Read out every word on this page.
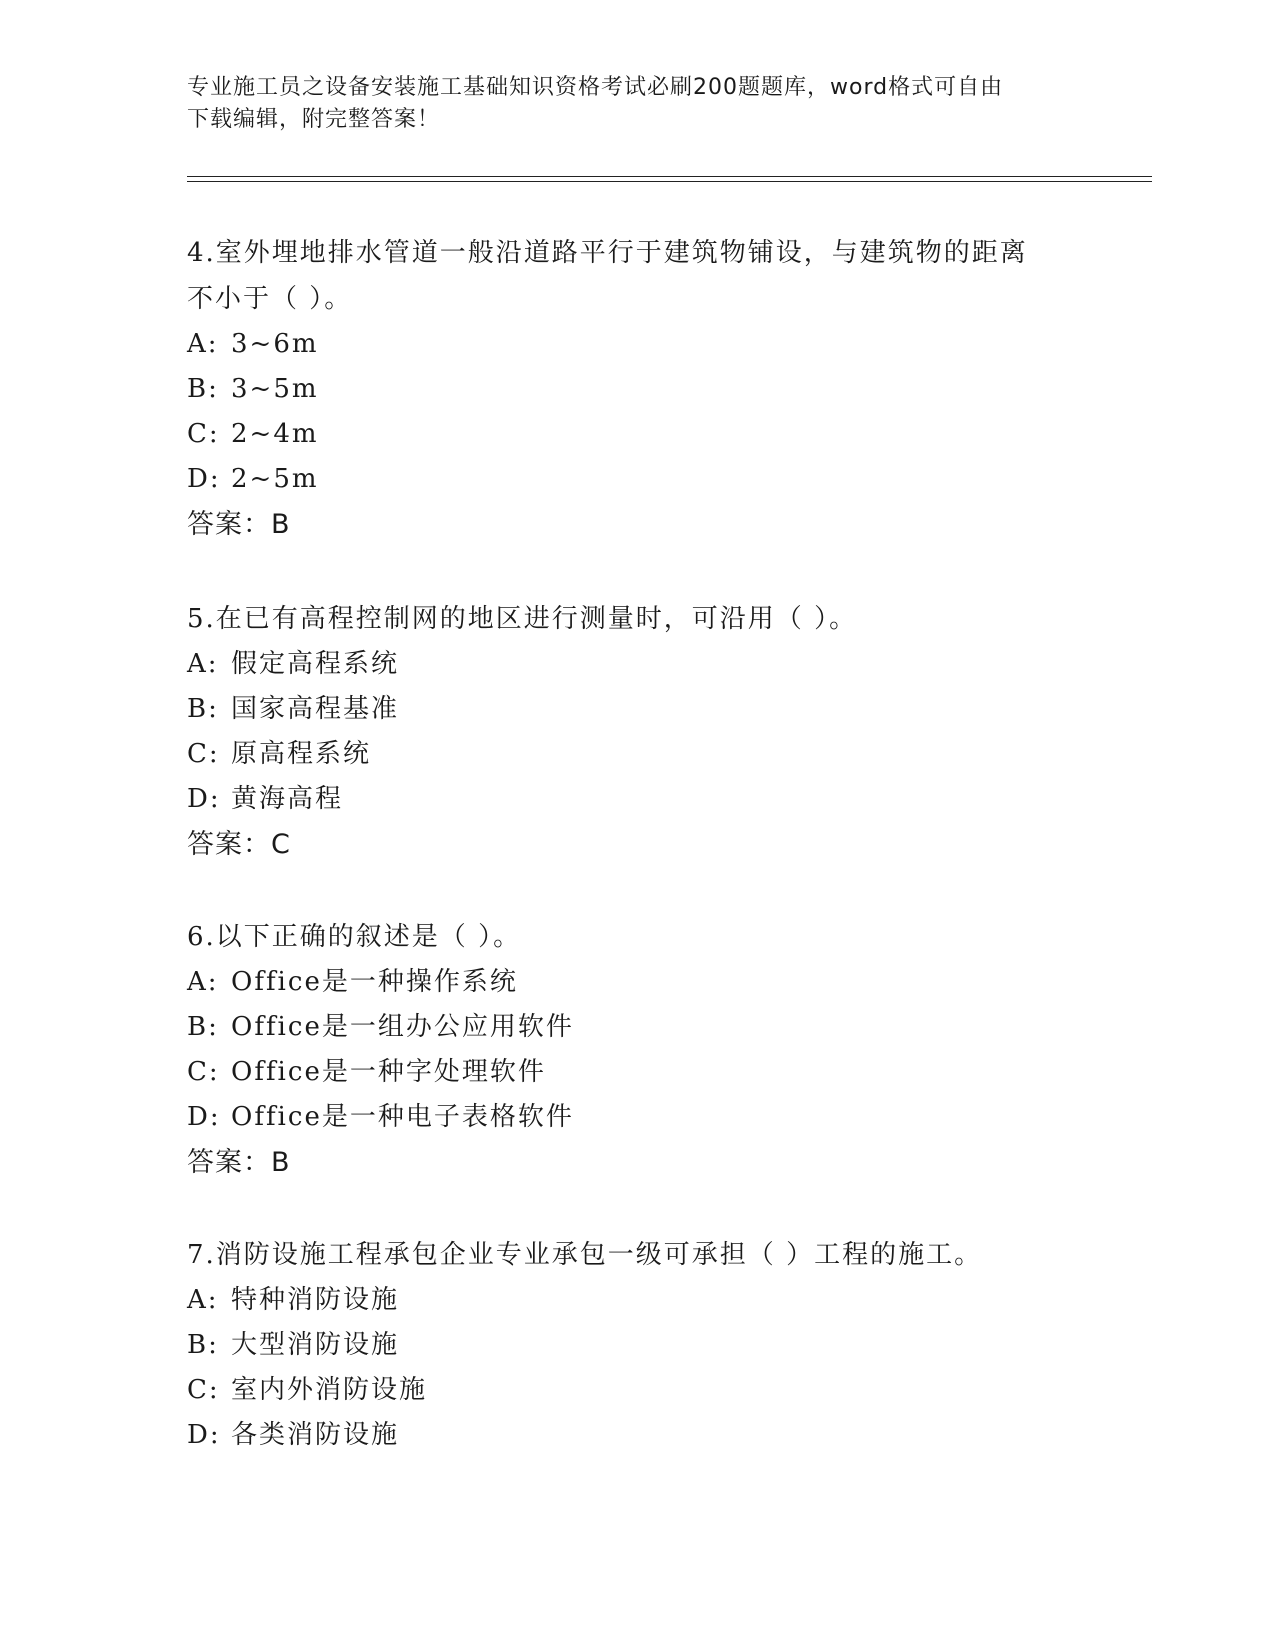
专业施工员之设备安装施工基础知识资格考试必刷200题题库，word格式可自由
下载编辑，附完整答案！

4.室外埋地排水管道一般沿道路平行于建筑物铺设，与建筑物的距离

不小于（ ）。

A: 3~6m

B: 3~5m

C: 2~4m

D: 2~5m

答案：B

5.在已有高程控制网的地区进行测量时，可沿用（ ）。

A: 假定高程系统

B: 国家高程基准

C: 原高程系统

D: 黄海高程

答案：C

6.以下正确的叙述是（ ）。

A: Office是一种操作系统

B: Office是一组办公应用软件

C: Office是一种字处理软件

D: Office是一种电子表格软件

答案：B

7.消防设施工程承包企业专业承包一级可承担（ ）工程的施工。

A: 特种消防设施

B: 大型消防设施

C: 室内外消防设施

D: 各类消防设施
